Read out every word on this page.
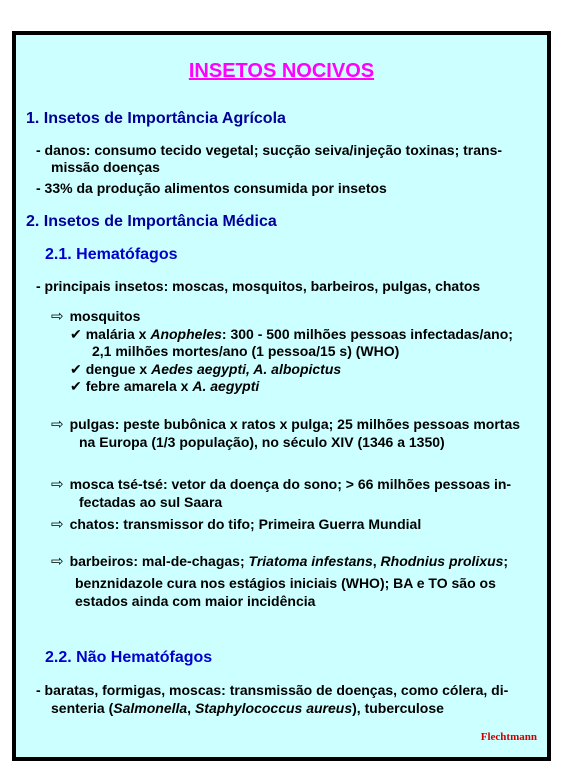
INSETOS NOCIVOS
1. Insetos de Importância Agrícola
- danos: consumo tecido vegetal; sucção seiva/injeção toxinas; trans-
missão doenças
- 33% da produção alimentos consumida por insetos
2. Insetos de Importância Médica
2.1. Hematófagos
- principais insetos: moscas, mosquitos, barbeiros, pulgas, chatos
⇨ mosquitos
✔ malária x Anopheles: 300 - 500 milhões pessoas infectadas/ano;
2,1 milhões mortes/ano (1 pessoa/15 s) (WHO)
✔ dengue x Aedes aegypti, A. albopictus
✔ febre amarela x A. aegypti
⇨ pulgas: peste bubônica x ratos x pulga; 25 milhões pessoas mortas
na Europa (1/3 população), no século XIV (1346 a 1350)
⇨ mosca tsé-tsé: vetor da doença do sono; > 66 milhões pessoas in-
fectadas ao sul Saara
⇨ chatos: transmissor do tifo; Primeira Guerra Mundial
⇨ barbeiros: mal-de-chagas; Triatoma infestans, Rhodnius prolixus;
benznidazole cura nos estágios iniciais (WHO); BA e TO são os
estados ainda com maior incidência
2.2. Não Hematófagos
- baratas, formigas, moscas: transmissão de doenças, como cólera, di-
senteria (Salmonella, Staphylococcus aureus), tuberculose
Flechtmann
